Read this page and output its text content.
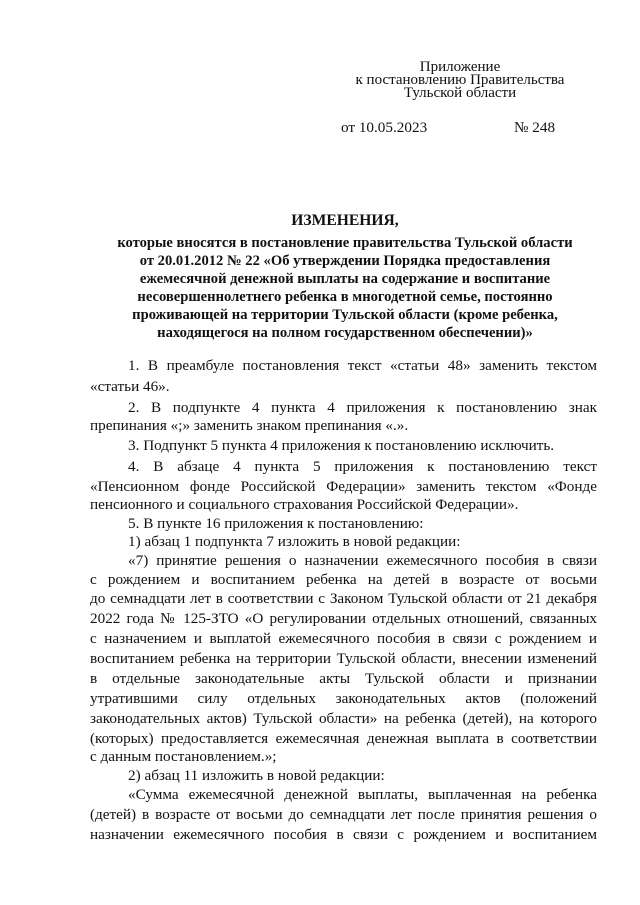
Приложение
к постановлению Правительства
Тульской области
от 10.05.2023	№ 248
ИЗМЕНЕНИЯ,
которые вносятся в постановление правительства Тульской области
от 20.01.2012 № 22 «Об утверждении Порядка предоставления
ежемесячной денежной выплаты на содержание и воспитание
несовершеннолетнего ребенка в многодетной семье, постоянно
проживающей на территории Тульской области (кроме ребенка,
находящегося на полном государственном обеспечении)»
1. В преамбуле постановления текст «статьи 48» заменить текстом
«статьи 46».
2. В подпункте 4 пункта 4 приложения к постановлению знак
препинания «;» заменить знаком препинания «.».
3. Подпункт 5 пункта 4 приложения к постановлению исключить.
4. В абзаце 4 пункта 5 приложения к постановлению текст
«Пенсионном фонде Российской Федерации» заменить текстом «Фонде
пенсионного и социального страхования Российской Федерации».
5. В пункте 16 приложения к постановлению:
1) абзац 1 подпункта 7 изложить в новой редакции:
«7) принятие решения о назначении ежемесячного пособия в связи
с рождением и воспитанием ребенка на детей в возрасте от восьми
до семнадцати лет в соответствии с Законом Тульской области от 21 декабря
2022 года № 125-ЗТО «О регулировании отдельных отношений, связанных
с назначением и выплатой ежемесячного пособия в связи с рождением и
воспитанием ребенка на территории Тульской области, внесении изменений
в отдельные законодательные акты Тульской области и признании
утратившими силу отдельных законодательных актов (положений
законодательных актов) Тульской области» на ребенка (детей), на которого
(которых) предоставляется ежемесячная денежная выплата в соответствии
с данным постановлением.»;
2) абзац 11 изложить в новой редакции:
«Сумма ежемесячной денежной выплаты, выплаченная на ребенка
(детей) в возрасте от восьми до семнадцати лет после принятия решения о
назначении ежемесячного пособия в связи с рождением и воспитанием
